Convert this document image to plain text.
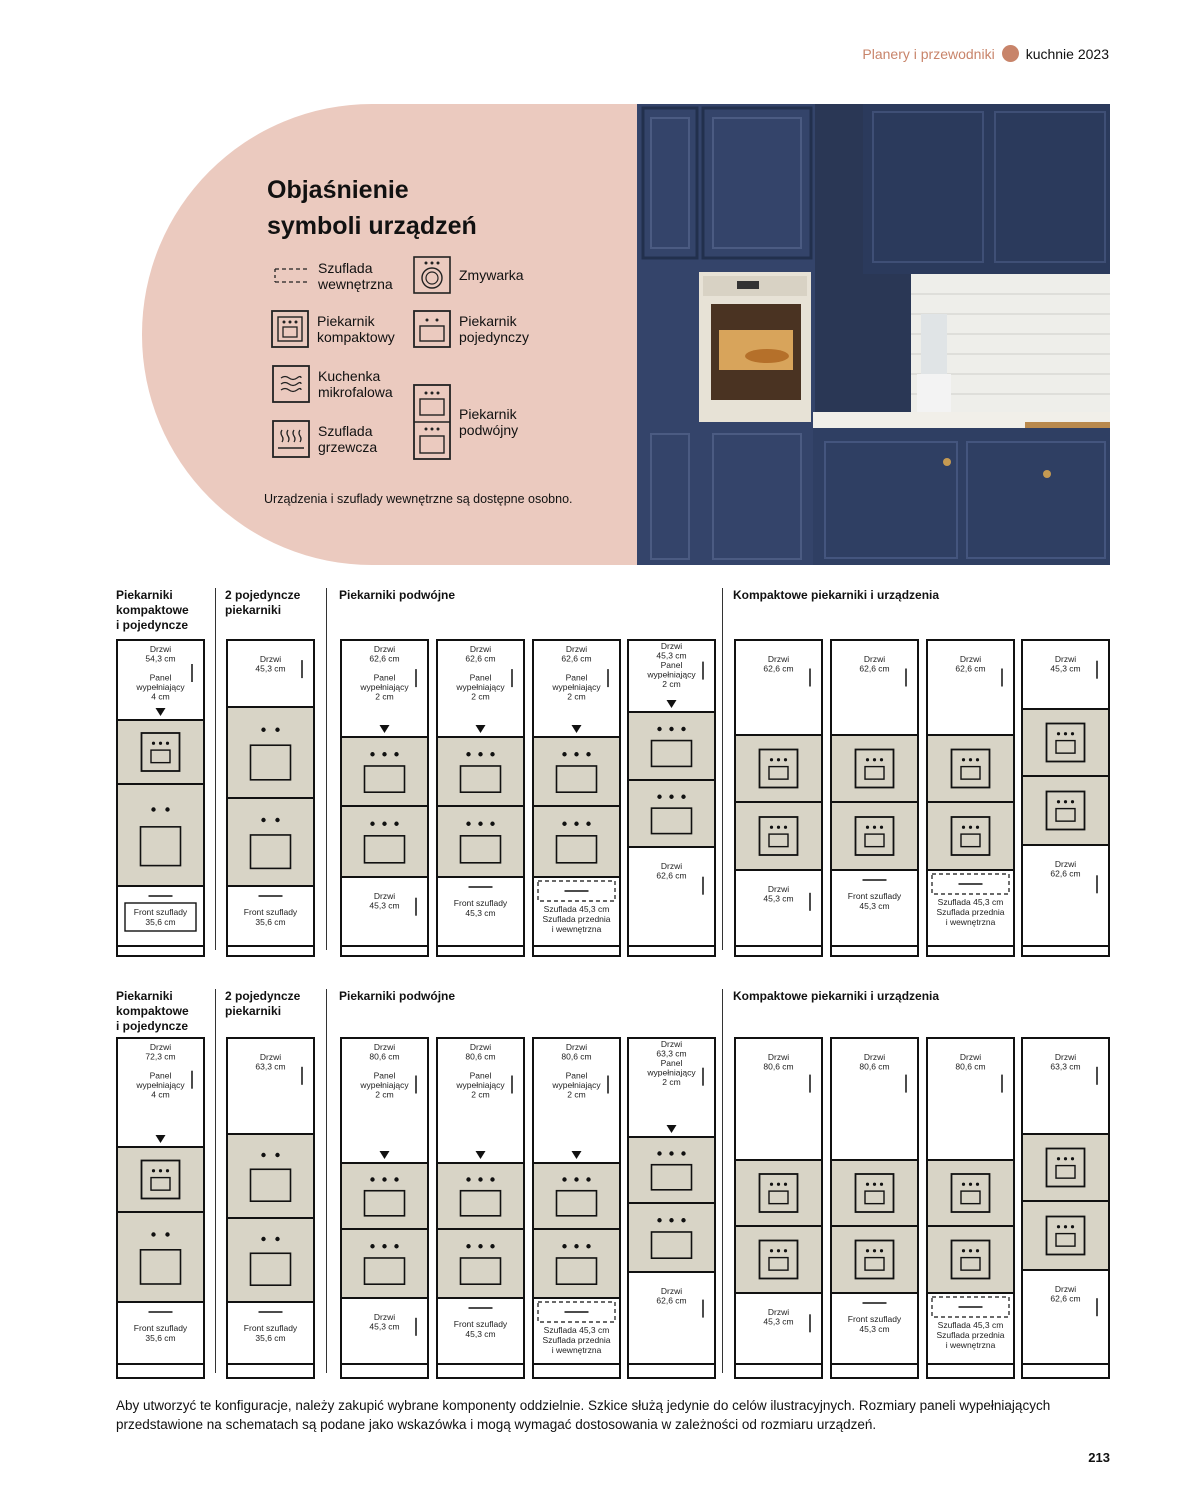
Planery i przewodniki kuchnie 2023
Objaśnienie
symboli urządzeń
Szuflada
wewnętrzna
Zmywarka
Piekarnik
kompaktowy
Piekarnik
pojedynczy
Kuchenka
mikrofalowa
Piekarnik
podwójny
Szuflada
grzewcza
Urządzenia i szuflady wewnętrzne są dostępne osobno.
Piekarniki
kompaktowe
i pojedyncze
2 pojedyncze
piekarniki
Piekarniki podwójne	Kompaktowe piekarniki i urządzenia
Piekarniki
kompaktowe
i pojedyncze
2 pojedyncze
piekarniki
Piekarniki podwójne	Kompaktowe piekarniki i urządzenia
Drzwi
54,3 cm
Panel
wypełniający
4 cm
Front szuflady
35,6 cm
Drzwi
45,3 cm
Front szuflady
35,6 cm
Drzwi
62,6 cm
Panel
wypełniający
2 cm
Drzwi
45,3 cm
Drzwi
62,6 cm
Panel
wypełniający
2 cm
Front szuflady
45,3 cm
Drzwi
62,6 cm
Panel
wypełniający
2 cm
Szuflada 45,3 cm
Szuflada przednia
i wewnętrzna
Drzwi
45,3 cm
Panel
wypełniający
2 cm
Drzwi
62,6 cm
Drzwi
62,6 cm
Drzwi
45,3 cm
Drzwi
62,6 cm
Front szuflady
45,3 cm
Drzwi
62,6 cm
Szuflada 45,3 cm
Szuflada przednia
i wewnętrzna
Drzwi
45,3 cm
Drzwi
62,6 cm
Drzwi
72,3 cm
Panel
wypełniający
4 cm
Front szuflady
35,6 cm
Drzwi
63,3 cm
Front szuflady
35,6 cm
Drzwi
80,6 cm
Panel
wypełniający
2 cm
Drzwi
45,3 cm
Drzwi
80,6 cm
Panel
wypełniający
2 cm
Front szuflady
45,3 cm
Drzwi
80,6 cm
Panel
wypełniający
2 cm
Szuflada 45,3 cm
Szuflada przednia
i wewnętrzna
Drzwi
63,3 cm
Panel
wypełniający
2 cm
Drzwi
62,6 cm
Drzwi
80,6 cm
Drzwi
45,3 cm
Drzwi
80,6 cm
Front szuflady
45,3 cm
Drzwi
80,6 cm
Szuflada 45,3 cm
Szuflada przednia
i wewnętrzna
Drzwi
63,3 cm
Drzwi
62,6 cm
Aby utworzyć te konfiguracje, należy zakupić wybrane komponenty oddzielnie. Szkice służą jedynie do celów ilustracyjnych. Rozmiary paneli wypełniających przedstawione na schematach są podane jako wskazówka i mogą wymagać dostosowania w zależności od rozmiaru urządzeń.
213
